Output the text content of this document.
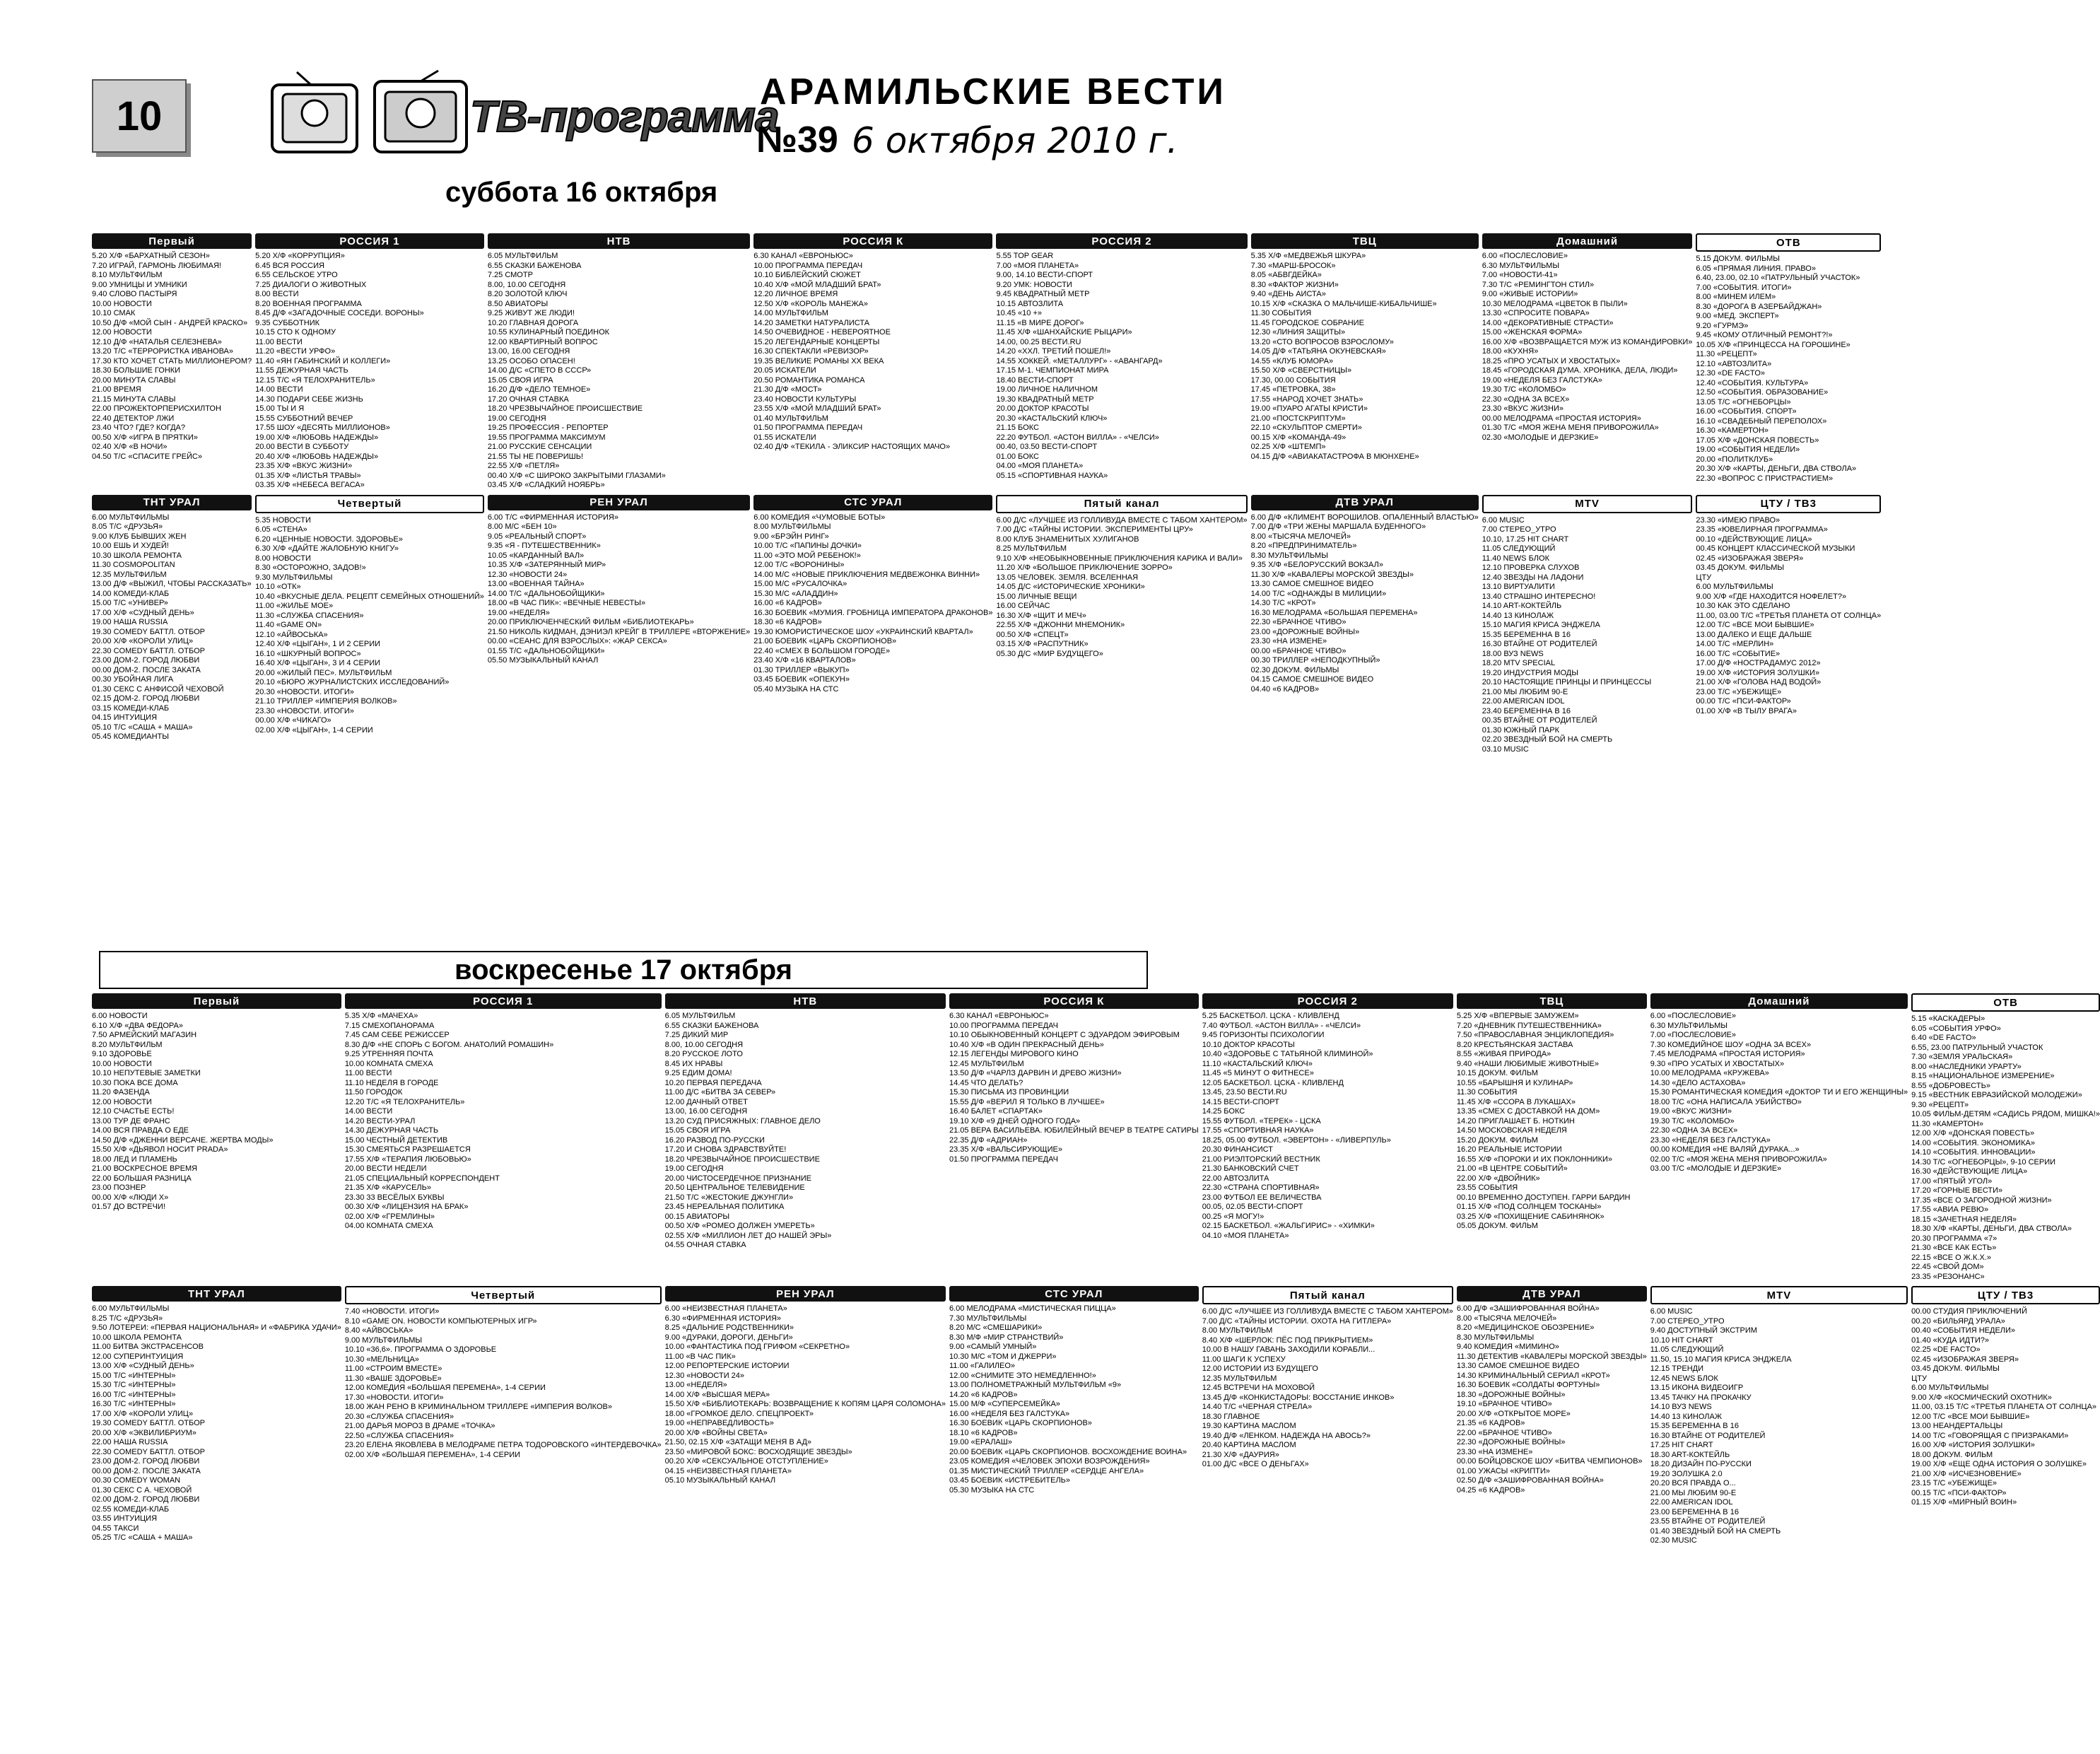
10	ТВ-программа
АРАМИЛЬСКИЕ ВЕСТИ
№39 6 октября 2010 г.
суббота 16 октября
Первый
5.20 Х/Ф «БАРХАТНЫЙ СЕЗОН»
7.20 ИГРАЙ, ГАРМОНЬ ЛЮБИМАЯ!
8.10 МУЛЬТФИЛЬМ
9.00 УМНИЦЫ И УМНИКИ
9.40 СЛОВО ПАСТЫРЯ
10.00 НОВОСТИ
10.10 СМАК
10.50 Д/Ф «МОЙ СЫН - АНДРЕЙ КРАСКО»
12.00 НОВОСТИ
12.10 Д/Ф «НАТАЛЬЯ СЕЛЕЗНЕВА»
13.20 Т/С «ТЕРРОРИСТКА ИВАНОВА»
17.30 КТО ХОЧЕТ СТАТЬ МИЛЛИОНЕРОМ?
18.30 БОЛЬШИЕ ГОНКИ
20.00 МИНУТА СЛАВЫ
21.00 ВРЕМЯ
21.15 МИНУТА СЛАВЫ
22.00 ПРОЖЕКТОРПЕРИСХИЛТОН
22.40 ДЕТЕКТОР ЛЖИ
23.40 ЧТО? ГДЕ? КОГДА?
00.50 Х/Ф «ИГРА В ПРЯТКИ»
02.40 Х/Ф «В НОЧИ»
04.50 Т/С «СПАСИТЕ ГРЕЙС»
РОССИЯ 1
5.20 Х/Ф «КОРРУПЦИЯ»
6.45 ВСЯ РОССИЯ
6.55 СЕЛЬСКОЕ УТРО
7.25 ДИАЛОГИ О ЖИВОТНЫХ
8.00 ВЕСТИ
8.20 ВОЕННАЯ ПРОГРАММА
8.45 Д/Ф «ЗАГАДОЧНЫЕ СОСЕДИ. ВОРОНЫ»
9.35 СУББОТНИК
10.15 СТО К ОДНОМУ
11.00 ВЕСТИ
11.20 «ВЕСТИ УРФО»
11.40 «ЯН ГАБИНСКИЙ И КОЛЛЕГИ»
11.55 ДЕЖУРНАЯ ЧАСТЬ
12.15 Т/С «Я ТЕЛОХРАНИТЕЛЬ»
14.00 ВЕСТИ
14.30 ПОДАРИ СЕБЕ ЖИЗНЬ
15.00 ТЫ И Я
15.55 СУББОТНИЙ ВЕЧЕР
17.55 ШОУ «ДЕСЯТЬ МИЛЛИОНОВ»
19.00 Х/Ф «ЛЮБОВЬ НАДЕЖДЫ»
20.00 ВЕСТИ В СУББОТУ
20.40 Х/Ф «ЛЮБОВЬ НАДЕЖДЫ»
23.35 Х/Ф «ВКУС ЖИЗНИ»
01.35 Х/Ф «ЛИСТЬЯ ТРАВЫ»
03.35 Х/Ф «НЕБЕСА ВЕГАСА»
НТВ
6.05 МУЛЬТФИЛЬМ
6.55 СКАЗКИ БАЖЕНОВА
7.25 СМОТР
8.00, 10.00 СЕГОДНЯ
8.20 ЗОЛОТОЙ КЛЮЧ
8.50 АВИАТОРЫ
9.25 ЖИВУТ ЖЕ ЛЮДИ!
10.20 ГЛАВНАЯ ДОРОГА
10.55 КУЛИНАРНЫЙ ПОЕДИНОК
12.00 КВАРТИРНЫЙ ВОПРОС
13.00, 16.00 СЕГОДНЯ
13.25 ОСОБО ОПАСЕН!
14.00 Д/С «СПЕТО В СССР»
15.05 СВОЯ ИГРА
16.20 Д/Ф «ДЕЛО ТЕМНОЕ»
17.20 ОЧНАЯ СТАВКА
18.20 ЧРЕЗВЫЧАЙНОЕ ПРОИСШЕСТВИЕ
19.00 СЕГОДНЯ
19.25 ПРОФЕССИЯ - РЕПОРТЕР
19.55 ПРОГРАММА МАКСИМУМ
21.00 РУССКИЕ СЕНСАЦИИ
21.55 ТЫ НЕ ПОВЕРИШЬ!
22.55 Х/Ф «ПЕТЛЯ»
00.40 Х/Ф «С ШИРОКО ЗАКРЫТЫМИ ГЛАЗАМИ»
03.45 Х/Ф «СЛАДКИЙ НОЯБРЬ»
РОССИЯ К
6.30 КАНАЛ «ЕВРОНЬЮС»
10.00 ПРОГРАММА ПЕРЕДАЧ
10.10 БИБЛЕЙСКИЙ СЮЖЕТ
10.40 Х/Ф «МОЙ МЛАДШИЙ БРАТ»
12.20 ЛИЧНОЕ ВРЕМЯ
12.50 Х/Ф «КОРОЛЬ МАНЕЖА»
14.00 МУЛЬТФИЛЬМ
14.20 ЗАМЕТКИ НАТУРАЛИСТА
14.50 ОЧЕВИДНОЕ - НЕВЕРОЯТНОЕ
15.20 ЛЕГЕНДАРНЫЕ КОНЦЕРТЫ
16.30 СПЕКТАКЛИ «РЕВИЗОР»
19.35 ВЕЛИКИЕ РОМАНЫ ХХ ВЕКА
20.05 ИСКАТЕЛИ
20.50 РОМАНТИКА РОМАНСА
21.30 Д/Ф «МОСТ»
23.40 НОВОСТИ КУЛЬТУРЫ
23.55 Х/Ф «МОЙ МЛАДШИЙ БРАТ»
01.40 МУЛЬТФИЛЬМ
01.50 ПРОГРАММА ПЕРЕДАЧ
01.55 ИСКАТЕЛИ
02.40 Д/Ф «ТЕКИЛА - ЭЛИКСИР НАСТОЯЩИХ МАЧО»
РОССИЯ 2
5.55 TOP GEAR
7.00 «МОЯ ПЛАНЕТА»
9.00, 14.10 ВЕСТИ-СПОРТ
9.20 УМК: НОВОСТИ
9.45 КВАДРАТНЫЙ МЕТР
10.15 АВТОЗЛИТА
10.45 «10 +»
11.15 «В МИРЕ ДОРОГ»
11.45 Х/Ф «ШАНХАЙСКИЕ РЫЦАРИ»
14.00, 00.25 ВЕСТИ.RU
14.20 «ХХЛ. ТРЕТИЙ ПОШЕЛ!»
14.55 ХОККЕЙ. «МЕТАЛЛУРГ» - «АВАНГАРД»
17.15 М-1. ЧЕМПИОНАТ МИРА
18.40 ВЕСТИ-СПОРТ
19.00 ЛИЧНОЕ НАЛИЧНОМ
19.30 КВАДРАТНЫЙ МЕТР
20.00 ДОКТОР КРАСОТЫ
20.30 «КАСТАЛЬСКИЙ КЛЮЧ»
21.15 БОКС
22.20 ФУТБОЛ. «АСТОН ВИЛЛА» - «ЧЕЛСИ»
00.40, 03.50 ВЕСТИ-СПОРТ
01.00 БОКС
04.00 «МОЯ ПЛАНЕТА»
05.15 «СПОРТИВНАЯ НАУКА»
ТВЦ
5.35 Х/Ф «МЕДВЕЖЬЯ ШКУРА»
7.30 «МАРШ-БРОСОК»
8.05 «АБВГДЕЙКА»
8.30 «ФАКТОР ЖИЗНИ»
9.40 «ДЕНЬ АИСТА»
10.15 Х/Ф «СКАЗКА О МАЛЬЧИШЕ-КИБАЛЬЧИШЕ»
11.30 СОБЫТИЯ
11.45 ГОРОДСКОЕ СОБРАНИЕ
12.30 «ЛИНИЯ ЗАЩИТЫ»
13.20 «СТО ВОПРОСОВ ВЗРОСЛОМУ»
14.05 Д/Ф «ТАТЬЯНА ОКУНЕВСКАЯ»
14.55 «КЛУБ ЮМОРА»
15.50 Х/Ф «СВЕРСТНИЦЫ»
17.30, 00.00 СОБЫТИЯ
17.45 «ПЕТРОВКА, 38»
17.55 «НАРОД ХОЧЕТ ЗНАТЬ»
19.00 «ПУАРО АГАТЫ КРИСТИ»
21.00 «ПОСТСКРИПТУМ»
22.10 «СКУЛЬПТОР СМЕРТИ»
00.15 Х/Ф «КОМАНДА-49»
02.25 Х/Ф «ШТЕМП»
04.15 Д/Ф «АВИАКАТАСТРОФА В МЮНХЕНЕ»
Домашний
6.00 «ПОСЛЕСЛОВИЕ»
6.30 МУЛЬТФИЛЬМЫ
7.00 «НОВОСТИ-41»
7.30 Т/С «РЕМИНГТОН СТИЛ»
9.00 «ЖИВЫЕ ИСТОРИИ»
10.30 МЕЛОДРАМА «ЦВЕТОК В ПЫЛИ»
13.30 «СПРОСИТЕ ПОВАРА»
14.00 «ДЕКОРАТИВНЫЕ СТРАСТИ»
15.00 «ЖЕНСКАЯ ФОРМА»
16.00 Х/Ф «ВОЗВРАЩАЕТСЯ МУЖ ИЗ КОМАНДИРОВКИ»
18.00 «КУХНЯ»
18.25 «ПРО УСАТЫХ И ХВОСТАТЫХ»
18.45 «ГОРОДСКАЯ ДУМА. ХРОНИКА, ДЕЛА, ЛЮДИ»
19.00 «НЕДЕЛЯ БЕЗ ГАЛСТУКА»
19.30 Т/С «КОЛОМБО»
22.30 «ОДНА ЗА ВСЕХ»
23.30 «ВКУС ЖИЗНИ»
00.00 МЕЛОДРАМА «ПРОСТАЯ ИСТОРИЯ»
01.30 Т/С «МОЯ ЖЕНА МЕНЯ ПРИВОРОЖИЛА»
02.30 «МОЛОДЫЕ И ДЕРЗКИЕ»
ОТВ
5.15 ДОКУМ. ФИЛЬМЫ
6.05 «ПРЯМАЯ ЛИНИЯ. ПРАВО»
6.40, 23.00, 02.10 «ПАТРУЛЬНЫЙ УЧАСТОК»
7.00 «СОБЫТИЯ. ИТОГИ»
8.00 «МИНЕМ ИЛЕМ»
8.30 «ДОРОГА В АЗЕРБАЙДЖАН»
9.00 «МЕД. ЭКСПЕРТ»
9.20 «ГУРМЭ»
9.45 «КОМУ ОТЛИЧНЫЙ РЕМОНТ?!»
10.05 Х/Ф «ПРИНЦЕССА НА ГОРОШИНЕ»
11.30 «РЕЦЕПТ»
12.10 «АВТОЗЛИТА»
12.30 «DE FACTO»
12.40 «СОБЫТИЯ. КУЛЬТУРА»
12.50 «СОБЫТИЯ. ОБРАЗОВАНИЕ»
13.05 Т/С «ОГНЕБОРЦЫ»
16.00 «СОБЫТИЯ. СПОРТ»
16.10 «СВАДЕБНЫЙ ПЕРЕПОЛОХ»
16.30 «КАМЕРТОН»
17.05 Х/Ф «ДОНСКАЯ ПОВЕСТЬ»
19.00 «СОБЫТИЯ НЕДЕЛИ»
20.00 «ПОЛИТКЛУБ»
20.30 Х/Ф «КАРТЫ, ДЕНЬГИ, ДВА СТВОЛА»
22.30 «ВОПРОС С ПРИСТРАСТИЕМ»
ТНТ УРАЛ
6.00 МУЛЬТФИЛЬМЫ
8.05 Т/С «ДРУЗЬЯ»
9.00 КЛУБ БЫВШИХ ЖЕН
10.00 ЕШЬ И ХУДЕЙ!
10.30 ШКОЛА РЕМОНТА
11.30 COSMOPOLITAN
12.35 МУЛЬТФИЛЬМ
13.00 Д/Ф «ВЫЖИЛ, ЧТОБЫ РАССКАЗАТЬ»
14.00 КОМЕДИ-КЛАБ
15.00 Т/С «УНИВЕР»
17.00 Х/Ф «СУДНЫЙ ДЕНЬ»
19.00 НАША RUSSIA
19.30 COMEDY БАТТЛ. ОТБОР
20.00 Х/Ф «КОРОЛИ УЛИЦ»
22.30 COMEDY БАТТЛ. ОТБОР
23.00 ДОМ-2. ГОРОД ЛЮБВИ
00.00 ДОМ-2. ПОСЛЕ ЗАКАТА
00.30 УБОЙНАЯ ЛИГА
01.30 СЕКС С АНФИСОЙ ЧЕХОВОЙ
02.15 ДОМ-2. ГОРОД ЛЮБВИ
03.15 КОМЕДИ-КЛАБ
04.15 ИНТУИЦИЯ
05.10 Т/С «САША + МАША»
05.45 КОМЕДИАНТЫ
Четвертый
5.35 НОВОСТИ
6.05 «СТЕНА»
6.20 «ЦЕННЫЕ НОВОСТИ. ЗДОРОВЬЕ»
6.30 Х/Ф «ДАЙТЕ ЖАЛОБНУЮ КНИГУ»
8.00 НОВОСТИ
8.30 «ОСТОРОЖНО, ЗАДОВ!»
9.30 МУЛЬТФИЛЬМЫ
10.10 «ОТК»
10.40 «ВКУСНЫЕ ДЕЛА. РЕЦЕПТ СЕМЕЙНЫХ ОТНОШЕНИЙ»
11.00 «ЖИЛЬЕ МОЕ»
11.30 «СЛУЖБА СПАСЕНИЯ»
11.40 «GAME ON»
12.10 «АЙВОСЬКА»
12.40 Х/Ф «ЦЫГАН», 1 И 2 СЕРИИ
16.10 «ШКУРНЫЙ ВОПРОС»
16.40 Х/Ф «ЦЫГАН», 3 И 4 СЕРИИ
20.00 «ЖИЛЫЙ ПЕС». МУЛЬТФИЛЬМ
20.10 «БЮРО ЖУРНАЛИСТСКИХ ИССЛЕДОВАНИЙ»
20.30 «НОВОСТИ. ИТОГИ»
21.10 ТРИЛЛЕР «ИМПЕРИЯ ВОЛКОВ»
23.30 «НОВОСТИ. ИТОГИ»
00.00 Х/Ф «ЧИКАГО»
02.00 Х/Ф «ЦЫГАН», 1-4 СЕРИИ
РЕН УРАЛ
6.00 Т/С «ФИРМЕННАЯ ИСТОРИЯ»
8.00 М/С «БЕН 10»
9.05 «РЕАЛЬНЫЙ СПОРТ»
9.35 «Я - ПУТЕШЕСТВЕННИК»
10.05 «КАРДАННЫЙ ВАЛ»
10.35 Х/Ф «ЗАТЕРЯННЫЙ МИР»
12.30 «НОВОСТИ 24»
13.00 «ВОЕННАЯ ТАЙНА»
14.00 Т/С «ДАЛЬНОБОЙЩИКИ»
18.00 «В ЧАС ПИК»: «ВЕЧНЫЕ НЕВЕСТЫ»
19.00 «НЕДЕЛЯ»
20.00 ПРИКЛЮЧЕНЧЕСКИЙ ФИЛЬМ «БИБЛИОТЕКАРЬ»
21.50 НИКОЛЬ КИДМАН, ДЭНИЭЛ КРЕЙГ В ТРИЛЛЕРЕ «ВТОРЖЕНИЕ»
00.00 «СЕАНС ДЛЯ ВЗРОСЛЫХ»: «ЖАР СЕКСА»
01.55 Т/С «ДАЛЬНОБОЙЩИКИ»
05.50 МУЗЫКАЛЬНЫЙ КАНАЛ
СТС УРАЛ
6.00 КОМЕДИЯ «ЧУМОВЫЕ БОТЫ»
8.00 МУЛЬТФИЛЬМЫ
9.00 «БРЭЙН РИНГ»
10.00 Т/С «ПАПИНЫ ДОЧКИ»
11.00 «ЭТО МОЙ РЕБЕНОК!»
12.00 Т/С «ВОРОНИНЫ»
14.00 М/С «НОВЫЕ ПРИКЛЮЧЕНИЯ МЕДВЕЖОНКА ВИННИ»
15.00 М/С «РУСАЛОЧКА»
15.30 М/С «АЛАДДИН»
16.00 «6 КАДРОВ»
16.30 БОЕВИК «МУМИЯ. ГРОБНИЦА ИМПЕРАТОРА ДРАКОНОВ»
18.30 «6 КАДРОВ»
19.30 ЮМОРИСТИЧЕСКОЕ ШОУ «УКРАИНСКИЙ КВАРТАЛ»
21.00 БОЕВИК «ЦАРЬ СКОРПИОНОВ»
22.40 «СМЕХ В БОЛЬШОМ ГОРОДЕ»
23.40 Х/Ф «16 КВАРТАЛОВ»
01.30 ТРИЛЛЕР «ВЫКУП»
03.45 БОЕВИК «ОПЕКУН»
05.40 МУЗЫКА НА СТС
Пятый канал
6.00 Д/С «ЛУЧШЕЕ ИЗ ГОЛЛИВУДА ВМЕСТЕ С ТАБОМ ХАНТЕРОМ»
7.00 Д/С «ТАЙНЫ ИСТОРИИ. ЭКСПЕРИМЕНТЫ ЦРУ»
8.00 КЛУБ ЗНАМЕНИТЫХ ХУЛИГАНОВ
8.25 МУЛЬТФИЛЬМ
9.10 Х/Ф «НЕОБЫКНОВЕННЫЕ ПРИКЛЮЧЕНИЯ КАРИКА И ВАЛИ»
11.20 Х/Ф «БОЛЬШОЕ ПРИКЛЮЧЕНИЕ ЗОРРО»
13.05 ЧЕЛОВЕК. ЗЕМЛЯ. ВСЕЛЕННАЯ
14.05 Д/С «ИСТОРИЧЕСКИЕ ХРОНИКИ»
15.00 ЛИЧНЫЕ ВЕЩИ
16.00 СЕЙЧАС
16.30 Х/Ф «ЩИТ И МЕЧ»
22.55 Х/Ф «ДЖОННИ МНЕМОНИК»
00.50 Х/Ф «СПЕЦТ»
03.15 Х/Ф «РАСПУТНИК»
05.30 Д/С «МИР БУДУЩЕГО»
ДТВ УРАЛ
6.00 Д/Ф «КЛИМЕНТ ВОРОШИЛОВ. ОПАЛЕННЫЙ ВЛАСТЬЮ»
7.00 Д/Ф «ТРИ ЖЕНЫ МАРШАЛА БУДЕННОГО»
8.00 «ТЫСЯЧА МЕЛОЧЕЙ»
8.20 «ПРЕДПРИНИМАТЕЛЬ»
8.30 МУЛЬТФИЛЬМЫ
9.35 Х/Ф «БЕЛОРУССКИЙ ВОКЗАЛ»
11.30 Х/Ф «КАВАЛЕРЫ МОРСКОЙ ЗВЕЗДЫ»
13.30 САМОЕ СМЕШНОЕ ВИДЕО
14.00 Т/С «ОДНАЖДЫ В МИЛИЦИИ»
14.30 Т/С «КРОТ»
16.30 МЕЛОДРАМА «БОЛЬШАЯ ПЕРЕМЕНА»
22.30 «БРАЧНОЕ ЧТИВО»
23.00 «ДОРОЖНЫЕ ВОЙНЫ»
23.30 «НА ИЗМЕНЕ»
00.00 «БРАЧНОЕ ЧТИВО»
00.30 ТРИЛЛЕР «НЕПОДКУПНЫЙ»
02.30 ДОКУМ. ФИЛЬМЫ
04.15 САМОЕ СМЕШНОЕ ВИДЕО
04.40 «6 КАДРОВ»
MTV
6.00 MUSIC
7.00 СТЕРЕО_УТРО
10.10, 17.25 HIT CHART
11.05 СЛЕДУЮЩИЙ
11.40 NEWS БЛОК
12.10 ПРОВЕРКА СЛУХОВ
12.40 ЗВЕЗДЫ НА ЛАДОНИ
13.10 ВИРТУАЛИТИ
13.40 СТРАШНО ИНТЕРЕСНО!
14.10 ART-КОКТЕЙЛЬ
14.40 13 КИНОЛАЖ
15.10 МАГИЯ КРИСА ЭНДЖЕЛА
15.35 БЕРЕМЕННА В 16
16.30 ВТАЙНЕ ОТ РОДИТЕЛЕЙ
18.00 ВУЗ NEWS
18.20 MTV SPECIAL
19.20 ИНДУСТРИЯ МОДЫ
20.10 НАСТОЯЩИЕ ПРИНЦЫ И ПРИНЦЕССЫ
21.00 МЫ ЛЮБИМ 90-Е
22.00 AMERICAN IDOL
23.40 БЕРЕМЕННА В 16
00.35 ВТАЙНЕ ОТ РОДИТЕЛЕЙ
01.30 ЮЖНЫЙ ПАРК
02.20 ЗВЕЗДНЫЙ БОЙ НА СМЕРТЬ
03.10 MUSIC
ЦТУ / ТВ3
23.30 «ИМЕЮ ПРАВО»
23.35 «ЮВЕЛИРНАЯ ПРОГРАММА»
00.10 «ДЕЙСТВУЮЩИЕ ЛИЦА»
00.45 КОНЦЕРТ КЛАССИЧЕСКОЙ МУЗЫКИ
02.45 «ИЗОБРАЖАЯ ЗВЕРЯ»
03.45 ДОКУМ. ФИЛЬМЫ
ЦТУ
6.00 МУЛЬТФИЛЬМЫ
9.00 Х/Ф «ГДЕ НАХОДИТСЯ НОФЕЛЕТ?»
10.30 КАК ЭТО СДЕЛАНО
11.00, 03.00 Т/С «ТРЕТЬЯ ПЛАНЕТА ОТ СОЛНЦА»
12.00 Т/С «ВСЕ МОИ БЫВШИЕ»
13.00 ДАЛЕКО И ЕЩЕ ДАЛЬШЕ
14.00 Т/С «МЕРЛИН»
16.00 Т/С «СОБЫТИЕ»
17.00 Д/Ф «НОСТРАДАМУС 2012»
19.00 Х/Ф «ИСТОРИЯ ЗОЛУШКИ»
21.00 Х/Ф «ГОЛОВА НАД ВОДОЙ»
23.00 Т/С «УБЕЖИЩЕ»
00.00 Т/С «ПСИ-ФАКТОР»
01.00 Х/Ф «В ТЫЛУ ВРАГА»
воскресенье 17 октября
Первый
6.00 НОВОСТИ
6.10 Х/Ф «ДВА ФЕДОРА»
7.50 АРМЕЙСКИЙ МАГАЗИН
8.20 МУЛЬТФИЛЬМ
9.10 ЗДОРОВЬЕ
10.00 НОВОСТИ
10.10 НЕПУТЕВЫЕ ЗАМЕТКИ
10.30 ПОКА ВСЕ ДОМА
11.20 ФАЗЕНДА
12.00 НОВОСТИ
12.10 СЧАСТЬЕ ЕСТЬ!
13.00 ТУР ДЕ ФРАНС
14.00 ВСЯ ПРАВДА О ЕДЕ
14.50 Д/Ф «ДЖЕННИ ВЕРСАЧЕ. ЖЕРТВА МОДЫ»
15.50 Х/Ф «ДЬЯВОЛ НОСИТ PRADA»
18.00 ЛЕД И ПЛАМЕНЬ
21.00 ВОСКРЕСНОЕ ВРЕМЯ
22.00 БОЛЬШАЯ РАЗНИЦА
23.00 ПОЗНЕР
00.00 Х/Ф «ЛЮДИ Х»
01.57 ДО ВСТРЕЧИ!
РОССИЯ 1
5.35 Х/Ф «МАЧЕХА»
7.15 СМЕХОПАНОРАМА
7.45 САМ СЕБЕ РЕЖИССЕР
8.30 Д/Ф «НЕ СПОРЬ С БОГОМ. АНАТОЛИЙ РОМАШИН»
9.25 УТРЕННЯЯ ПОЧТА
10.00 КОМНАТА СМЕХА
11.00 ВЕСТИ
11.10 НЕДЕЛЯ В ГОРОДЕ
11.50 ГОРОДОК
12.20 Т/С «Я ТЕЛОХРАНИТЕЛЬ»
14.00 ВЕСТИ
14.20 ВЕСТИ-УРАЛ
14.30 ДЕЖУРНАЯ ЧАСТЬ
15.00 ЧЕСТНЫЙ ДЕТЕКТИВ
15.30 СМЕЯТЬСЯ РАЗРЕШАЕТСЯ
17.55 Х/Ф «ТЕРАПИЯ ЛЮБОВЬЮ»
20.00 ВЕСТИ НЕДЕЛИ
21.05 СПЕЦИАЛЬНЫЙ КОРРЕСПОНДЕНТ
21.35 Х/Ф «КАРУСЕЛЬ»
23.30 33 ВЕСЁЛЫХ БУКВЫ
00.30 Х/Ф «ЛИЦЕНЗИЯ НА БРАК»
02.00 Х/Ф «ГРЕМЛИНЫ»
04.00 КОМНАТА СМЕХА
НТВ
6.05 МУЛЬТФИЛЬМ
6.55 СКАЗКИ БАЖЕНОВА
7.25 ДИКИЙ МИР
8.00, 10.00 СЕГОДНЯ
8.20 РУССКОЕ ЛОТО
8.45 ИХ НРАВЫ
9.25 ЕДИМ ДОМА!
10.20 ПЕРВАЯ ПЕРЕДАЧА
11.00 Д/С «БИТВА ЗА СЕВЕР»
12.00 ДАЧНЫЙ ОТВЕТ
13.00, 16.00 СЕГОДНЯ
13.20 СУД ПРИСЯЖНЫХ: ГЛАВНОЕ ДЕЛО
15.05 СВОЯ ИГРА
16.20 РАЗВОД ПО-РУССКИ
17.20 И СНОВА ЗДРАВСТВУЙТЕ!
18.20 ЧРЕЗВЫЧАЙНОЕ ПРОИСШЕСТВИЕ
19.00 СЕГОДНЯ
20.00 ЧИСТОСЕРДЕЧНОЕ ПРИЗНАНИЕ
20.50 ЦЕНТРАЛЬНОЕ ТЕЛЕВИДЕНИЕ
21.50 Т/С «ЖЕСТОКИЕ ДЖУНГЛИ»
23.45 НЕРЕАЛЬНАЯ ПОЛИТИКА
00.15 АВИАТОРЫ
00.50 Х/Ф «РОМЕО ДОЛЖЕН УМЕРЕТЬ»
02.55 Х/Ф «МИЛЛИОН ЛЕТ ДО НАШЕЙ ЭРЫ»
04.55 ОЧНАЯ СТАВКА
РОССИЯ К
6.30 КАНАЛ «ЕВРОНЬЮС»
10.00 ПРОГРАММА ПЕРЕДАЧ
10.10 ОБЫКНОВЕННЫЙ КОНЦЕРТ С ЭДУАРДОМ ЭФИРОВЫМ
10.40 Х/Ф «В ОДИН ПРЕКРАСНЫЙ ДЕНЬ»
12.15 ЛЕГЕНДЫ МИРОВОГО КИНО
12.45 МУЛЬТФИЛЬМ
13.50 Д/Ф «ЧАРЛЗ ДАРВИН И ДРЕВО ЖИЗНИ»
14.45 ЧТО ДЕЛАТЬ?
15.30 ПИСЬМА ИЗ ПРОВИНЦИИ
15.55 Д/Ф «ВЕРИЛ Я ТОЛЬКО В ЛУЧШЕЕ»
16.40 БАЛЕТ «СПАРТАК»
19.10 Х/Ф «9 ДНЕЙ ОДНОГО ГОДА»
21.05 ВЕРА ВАСИЛЬЕВА. ЮБИЛЕЙНЫЙ ВЕЧЕР В ТЕАТРЕ САТИРЫ
22.35 Д/Ф «АДРИАН»
23.35 Х/Ф «ВАЛЬСИРУЮЩИЕ»
01.50 ПРОГРАММА ПЕРЕДАЧ
РОССИЯ 2
5.25 БАСКЕТБОЛ. ЦСКА - КЛИВЛЕНД
7.40 ФУТБОЛ. «АСТОН ВИЛЛА» - «ЧЕЛСИ»
9.45 ГОРИЗОНТЫ ПСИХОЛОГИИ
10.10 ДОКТОР КРАСОТЫ
10.40 «ЗДОРОВЬЕ С ТАТЬЯНОЙ КЛИМИНОЙ»
11.10 «КАСТАЛЬСКИЙ КЛЮЧ»
11.45 «5 МИНУТ О ФИТНЕСЕ»
12.05 БАСКЕТБОЛ. ЦСКА - КЛИВЛЕНД
13.45, 23.50 ВЕСТИ.RU
14.15 ВЕСТИ-СПОРТ
14.25 БОКС
15.55 ФУТБОЛ. «ТЕРЕК» - ЦСКА
17.55 «СПОРТИВНАЯ НАУКА»
18.25, 05.00 ФУТБОЛ. «ЭВЕРТОН» - «ЛИВЕРПУЛЬ»
20.30 ФИНАНСИСТ
21.00 РИЭЛТОРСКИЙ ВЕСТНИК
21.30 БАНКОВСКИЙ СЧЕТ
22.00 АВТОЗЛИТА
22.30 «СТРАНА СПОРТИВНАЯ»
23.00 ФУТБОЛ ЕЕ ВЕЛИЧЕСТВА
00.05, 02.05 ВЕСТИ-СПОРТ
00.25 «Я МОГУ!»
02.15 БАСКЕТБОЛ. «ЖАЛЬГИРИС» - «ХИМКИ»
04.10 «МОЯ ПЛАНЕТА»
ТВЦ
5.25 Х/Ф «ВПЕРВЫЕ ЗАМУЖЕМ»
7.20 «ДНЕВНИК ПУТЕШЕСТВЕННИКА»
7.50 «ПРАВОСЛАВНАЯ ЭНЦИКЛОПЕДИЯ»
8.20 КРЕСТЬЯНСКАЯ ЗАСТАВА
8.55 «ЖИВАЯ ПРИРОДА»
9.40 «НАШИ ЛЮБИМЫЕ ЖИВОТНЫЕ»
10.15 ДОКУМ. ФИЛЬМ
10.55 «БАРЫШНЯ И КУЛИНАР»
11.30 СОБЫТИЯ
11.45 Х/Ф «ССОРА В ЛУКАШАХ»
13.35 «СМЕХ С ДОСТАВКОЙ НА ДОМ»
14.20 ПРИГЛАШАЕТ Б. НОТКИН
14.50 МОСКОВСКАЯ НЕДЕЛЯ
15.20 ДОКУМ. ФИЛЬМ
16.20 РЕАЛЬНЫЕ ИСТОРИИ
16.55 Х/Ф «ПОРОКИ И ИХ ПОКЛОННИКИ»
21.00 «В ЦЕНТРЕ СОБЫТИЙ»
22.00 Х/Ф «ДВОЙНИК»
23.55 СОБЫТИЯ
00.10 ВРЕМЕННО ДОСТУПЕН. ГАРРИ БАРДИН
01.15 Х/Ф «ПОД СОЛНЦЕМ ТОСКАНЫ»
03.25 Х/Ф «ПОХИЩЕНИЕ САБИНЯНОК»
05.05 ДОКУМ. ФИЛЬМ
Домашний
6.00 «ПОСЛЕСЛОВИЕ»
6.30 МУЛЬТФИЛЬМЫ
7.00 «ПОСЛЕСЛОВИЕ»
7.30 КОМЕДИЙНОЕ ШОУ «ОДНА ЗА ВСЕХ»
7.45 МЕЛОДРАМА «ПРОСТАЯ ИСТОРИЯ»
9.30 «ПРО УСАТЫХ И ХВОСТАТЫХ»
10.00 МЕЛОДРАМА «КРУЖЕВА»
14.30 «ДЕЛО АСТАХОВА»
15.30 РОМАНТИЧЕСКАЯ КОМЕДИЯ «ДОКТОР ТИ И ЕГО ЖЕНЩИНЫ»
18.00 Т/С «ОНА НАПИСАЛА УБИЙСТВО»
19.00 «ВКУС ЖИЗНИ»
19.30 Т/С «КОЛОМБО»
22.30 «ОДНА ЗА ВСЕХ»
23.30 «НЕДЕЛЯ БЕЗ ГАЛСТУКА»
00.00 КОМЕДИЯ «НЕ ВАЛЯЙ ДУРАКА...»
02.00 Т/С «МОЯ ЖЕНА МЕНЯ ПРИВОРОЖИЛА»
03.00 Т/С «МОЛОДЫЕ И ДЕРЗКИЕ»
ОТВ
5.15 «КАСКАДЕРЫ»
6.05 «СОБЫТИЯ УРФО»
6.40 «DE FACTO»
6.55, 23.00 ПАТРУЛЬНЫЙ УЧАСТОК
7.30 «ЗЕМЛЯ УРАЛЬСКАЯ»
8.00 «НАСЛЕДНИКИ УРАРТУ»
8.15 «НАЦИОНАЛЬНОЕ ИЗМЕРЕНИЕ»
8.55 «ДОБРОВЕСТЬ»
9.15 «ВЕСТНИК ЕВРАЗИЙСКОЙ МОЛОДЕЖИ»
9.30 «РЕЦЕПТ»
10.05 ФИЛЬМ-ДЕТЯМ «САДИСЬ РЯДОМ, МИШКА!»
11.30 «КАМЕРТОН»
12.00 Х/Ф «ДОНСКАЯ ПОВЕСТЬ»
14.00 «СОБЫТИЯ. ЭКОНОМИКА»
14.10 «СОБЫТИЯ. ИННОВАЦИИ»
14.30 Т/С «ОГНЕБОРЦЫ», 9-10 СЕРИИ
16.30 «ДЕЙСТВУЮЩИЕ ЛИЦА»
17.00 «ПЯТЫЙ УГОЛ»
17.20 «ГОРНЫЕ ВЕСТИ»
17.35 «ВСЕ О ЗАГОРОДНОЙ ЖИЗНИ»
17.55 «АВИА РЕВЮ»
18.15 «ЗАЧЕТНАЯ НЕДЕЛЯ»
18.30 Х/Ф «КАРТЫ, ДЕНЬГИ, ДВА СТВОЛА»
20.30 ПРОГРАММА «7»
21.30 «ВСЕ КАК ЕСТЬ»
22.15 «ВСЕ О Ж.К.Х.»
22.45 «СВОЙ ДОМ»
23.35 «РЕЗОНАНС»
ТНТ УРАЛ
6.00 МУЛЬТФИЛЬМЫ
8.25 Т/С «ДРУЗЬЯ»
9.50 ЛОТЕРЕИ: «ПЕРВАЯ НАЦИОНАЛЬНАЯ» И «ФАБРИКА УДАЧИ»
10.00 ШКОЛА РЕМОНТА
11.00 БИТВА ЭКСТРАСЕНСОВ
12.00 СУПЕРИНТУИЦИЯ
13.00 Х/Ф «СУДНЫЙ ДЕНЬ»
15.00 Т/С «ИНТЕРНЫ»
15.30 Т/С «ИНТЕРНЫ»
16.00 Т/С «ИНТЕРНЫ»
16.30 Т/С «ИНТЕРНЫ»
17.00 Х/Ф «КОРОЛИ УЛИЦ»
19.30 COMEDY БАТТЛ. ОТБОР
20.00 Х/Ф «ЭКВИЛИБРИУМ»
22.00 НАША RUSSIA
22.30 COMEDY БАТТЛ. ОТБОР
23.00 ДОМ-2. ГОРОД ЛЮБВИ
00.00 ДОМ-2. ПОСЛЕ ЗАКАТА
00.30 COMEDY WOMAN
01.30 СЕКС С А. ЧЕХОВОЙ
02.00 ДОМ-2. ГОРОД ЛЮБВИ
02.55 КОМЕДИ-КЛАБ
03.55 ИНТУИЦИЯ
04.55 ТАКСИ
05.25 Т/С «САША + МАША»
Четвертый
7.40 «НОВОСТИ. ИТОГИ»
8.10 «GAME ON. НОВОСТИ КОМПЬЮТЕРНЫХ ИГР»
8.40 «АЙВОСЬКА»
9.00 МУЛЬТФИЛЬМЫ
10.10 «36,6». ПРОГРАММА О ЗДОРОВЬЕ
10.30 «МЕЛЬНИЦА»
11.00 «СТРОИМ ВМЕСТЕ»
11.30 «ВАШЕ ЗДОРОВЬЕ»
12.00 КОМЕДИЯ «БОЛЬШАЯ ПЕРЕМЕНА», 1-4 СЕРИИ
17.30 «НОВОСТИ. ИТОГИ»
18.00 ЖАН РЕНО В КРИМИНАЛЬНОМ ТРИЛЛЕРЕ «ИМПЕРИЯ ВОЛКОВ»
20.30 «СЛУЖБА СПАСЕНИЯ»
21.00 ДАРЬЯ МОРОЗ В ДРАМЕ «ТОЧКА»
22.50 «СЛУЖБА СПАСЕНИЯ»
23.20 ЕЛЕНА ЯКОВЛЕВА В МЕЛОДРАМЕ ПЕТРА ТОДОРОВСКОГО «ИНТЕРДЕВОЧКА»
02.00 Х/Ф «БОЛЬШАЯ ПЕРЕМЕНА», 1-4 СЕРИИ
РЕН УРАЛ
6.00 «НЕИЗВЕСТНАЯ ПЛАНЕТА»
6.30 «ФИРМЕННАЯ ИСТОРИЯ»
8.25 «ДАЛЬНИЕ РОДСТВЕННИКИ»
9.00 «ДУРАКИ, ДОРОГИ, ДЕНЬГИ»
10.00 «ФАНТАСТИКА ПОД ГРИФОМ «СЕКРЕТНО»
11.00 «В ЧАС ПИК»
12.00 РЕПОРТЕРСКИЕ ИСТОРИИ
12.30 «НОВОСТИ 24»
13.00 «НЕДЕЛЯ»
14.00 Х/Ф «ВЫСШАЯ МЕРА»
15.50 Х/Ф «БИБЛИОТЕКАРЬ: ВОЗВРАЩЕНИЕ К КОПЯМ ЦАРЯ СОЛОМОНА»
18.00 «ГРОМКОЕ ДЕЛО. СПЕЦПРОЕКТ»
19.00 «НЕПРАВЕДЛИВОСТЬ»
20.00 Х/Ф «ВОЙНЫ СВЕТА»
21.50, 02.15 Х/Ф «ЗАТАЩИ МЕНЯ В АД»
23.50 «МИРОВОЙ БОКС: ВОСХОДЯЩИЕ ЗВЕЗДЫ»
00.20 Х/Ф «СЕКСУАЛЬНОЕ ОТСТУПЛЕНИЕ»
04.15 «НЕИЗВЕСТНАЯ ПЛАНЕТА»
05.10 МУЗЫКАЛЬНЫЙ КАНАЛ
СТС УРАЛ
6.00 МЕЛОДРАМА «МИСТИЧЕСКАЯ ПИЦЦА»
7.30 МУЛЬТФИЛЬМЫ
8.20 М/С «СМЕШАРИКИ»
8.30 М/Ф «МИР СТРАНСТВИЙ»
9.00 «САМЫЙ УМНЫЙ»
10.30 М/С «ТОМ И ДЖЕРРИ»
11.00 «ГАЛИЛЕО»
12.00 «СНИМИТЕ ЭТО НЕМЕДЛЕННО!»
13.00 ПОЛНОМЕТРАЖНЫЙ МУЛЬТФИЛЬМ «9»
14.20 «6 КАДРОВ»
15.00 М/Ф «СУПЕРСЕМЕЙКА»
16.00 «НЕДЕЛЯ БЕЗ ГАЛСТУКА»
16.30 БОЕВИК «ЦАРЬ СКОРПИОНОВ»
18.10 «6 КАДРОВ»
19.00 «ЕРАЛАШ»
20.00 БОЕВИК «ЦАРЬ СКОРПИОНОВ. ВОСХОЖДЕНИЕ ВОИНА»
23.05 КОМЕДИЯ «ЧЕЛОВЕК ЭПОХИ ВОЗРОЖДЕНИЯ»
01.35 МИСТИЧЕСКИЙ ТРИЛЛЕР «СЕРДЦЕ АНГЕЛА»
03.45 БОЕВИК «ИСТРЕБИТЕЛЬ»
05.30 МУЗЫКА НА СТС
Пятый канал
6.00 Д/С «ЛУЧШЕЕ ИЗ ГОЛЛИВУДА ВМЕСТЕ С ТАБОМ ХАНТЕРОМ»
7.00 Д/С «ТАЙНЫ ИСТОРИИ. ОХОТА НА ГИТЛЕРА»
8.00 МУЛЬТФИЛЬМ
8.40 Х/Ф «ШЕРЛОК: ПЁС ПОД ПРИКРЫТИЕМ»
10.00 В НАШУ ГАВАНЬ ЗАХОДИЛИ КОРАБЛИ...
11.00 ШАГИ К УСПЕХУ
12.00 ИСТОРИИ ИЗ БУДУЩЕГО
12.35 МУЛЬТФИЛЬМ
12.45 ВСТРЕЧИ НА МОХОВОЙ
13.45 Д/Ф «КОНКИСТАДОРЫ: ВОССТАНИЕ ИНКОВ»
14.40 Т/С «ЧЕРНАЯ СТРЕЛА»
18.30 ГЛАВНОЕ
19.30 КАРТИНА МАСЛОМ
19.40 Д/Ф «ЛЕНКОМ. НАДЕЖДА НА АВОСЬ?»
20.40 КАРТИНА МАСЛОМ
21.30 Х/Ф «ДАУРИЯ»
01.00 Д/С «ВСЕ О ДЕНЬГАХ»
ДТВ УРАЛ
6.00 Д/Ф «ЗАШИФРОВАННАЯ ВОЙНА»
8.00 «ТЫСЯЧА МЕЛОЧЕЙ»
8.20 «МЕДИЦИНСКОЕ ОБОЗРЕНИЕ»
8.30 МУЛЬТФИЛЬМЫ
9.40 КОМЕДИЯ «МИМИНО»
11.30 ДЕТЕКТИВ «КАВАЛЕРЫ МОРСКОЙ ЗВЕЗДЫ»
13.30 САМОЕ СМЕШНОЕ ВИДЕО
14.30 КРИМИНАЛЬНЫЙ СЕРИАЛ «КРОТ»
16.30 БОЕВИК «СОЛДАТЫ ФОРТУНЫ»
18.30 «ДОРОЖНЫЕ ВОЙНЫ»
19.10 «БРАЧНОЕ ЧТИВО»
20.00 Х/Ф «ОТКРЫТОЕ МОРЕ»
21.35 «6 КАДРОВ»
22.00 «БРАЧНОЕ ЧТИВО»
22.30 «ДОРОЖНЫЕ ВОЙНЫ»
23.30 «НА ИЗМЕНЕ»
00.00 БОЙЦОВСКОЕ ШОУ «БИТВА ЧЕМПИОНОВ»
01.00 УЖАСЫ «КРИПТИ»
02.50 Д/Ф «ЗАШИФРОВАННАЯ ВОЙНА»
04.25 «6 КАДРОВ»
MTV
6.00 MUSIC
7.00 СТЕРЕО_УТРО
9.40 ДОСТУПНЫЙ ЭКСТРИМ
10.10 HIT CHART
11.05 СЛЕДУЮЩИЙ
11.50, 15.10 МАГИЯ КРИСА ЭНДЖЕЛА
12.15 ТРЕНДИ
12.45 NEWS БЛОК
13.15 ИКОНА ВИДЕОИГР
13.45 ТАЧКУ НА ПРОКАЧКУ
14.10 ВУЗ NEWS
14.40 13 КИНОЛАЖ
15.35 БЕРЕМЕННА В 16
16.30 ВТАЙНЕ ОТ РОДИТЕЛЕЙ
17.25 HIT CHART
18.30 ART-КОКТЕЙЛЬ
18.20 ДИЗАЙН ПО-РУССКИ
19.20 ЗОЛУШКА 2.0
20.20 ВСЯ ПРАВДА О...
21.00 МЫ ЛЮБИМ 90-Е
22.00 AMERICAN IDOL
23.00 БЕРЕМЕННА В 16
23.55 ВТАЙНЕ ОТ РОДИТЕЛЕЙ
01.40 ЗВЕЗДНЫЙ БОЙ НА СМЕРТЬ
02.30 MUSIC
ЦТУ / ТВ3
00.00 СТУДИЯ ПРИКЛЮЧЕНИЙ
00.20 «БИЛЬЯРД УРАЛА»
00.40 «СОБЫТИЯ НЕДЕЛИ»
01.40 «КУДА ИДТИ?»
02.25 «DE FACTO»
02.45 «ИЗОБРАЖАЯ ЗВЕРЯ»
03.45 ДОКУМ. ФИЛЬМЫ
ЦТУ
6.00 МУЛЬТФИЛЬМЫ
9.00 Х/Ф «КОСМИЧЕСКИЙ ОХОТНИК»
11.00, 03.15 Т/С «ТРЕТЬЯ ПЛАНЕТА ОТ СОЛНЦА»
12.00 Т/С «ВСЕ МОИ БЫВШИЕ»
13.00 НЕАНДЕРТАЛЬЦЫ
14.00 Т/С «ГОВОРЯЩАЯ С ПРИЗРАКАМИ»
16.00 Х/Ф «ИСТОРИЯ ЗОЛУШКИ»
18.00 ДОКУМ. ФИЛЬМ
19.00 Х/Ф «ЕЩЕ ОДНА ИСТОРИЯ О ЗОЛУШКЕ»
21.00 Х/Ф «ИСЧЕЗНОВЕНИЕ»
23.15 Т/С «УБЕЖИЩЕ»
00.15 Т/С «ПСИ-ФАКТОР»
01.15 Х/Ф «МИРНЫЙ ВОИН»
